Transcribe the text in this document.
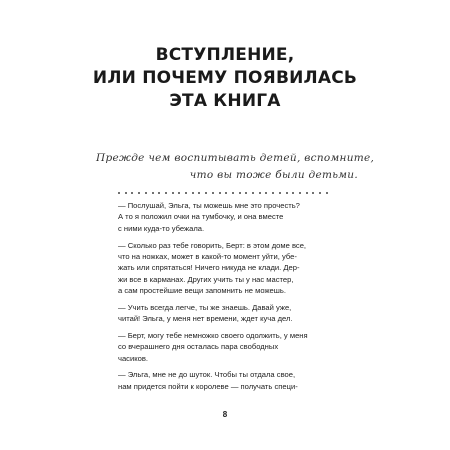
ВСТУПЛЕНИЕ,
ИЛИ ПОЧЕМУ ПОЯВИЛАСЬ
ЭТА КНИГА
Прежде чем воспитывать детей, вспомните,
что вы тоже были детьми.
— Послушай, Эльга, ты можешь мне это прочесть?
А то я положил очки на тумбочку, и она вместе
с ними куда-то убежала.
— Сколько раз тебе говорить, Берт: в этом доме все,
что на ножках, может в какой-то момент уйти, убе-
жать или спрятаться! Ничего никуда не клади. Дер-
жи все в карманах. Других учить ты у нас мастер,
а сам простейшие вещи запомнить не можешь.
— Учить всегда легче, ты же знаешь. Давай уже,
читай! Эльга, у меня нет времени, ждет куча дел.
— Берт, могу тебе немножко своего одолжить, у меня
со вчерашнего дня осталась пара свободных
часиков.
— Эльга, мне не до шуток. Чтобы ты отдала свое,
нам придется пойти к королеве — получать специ-
8
